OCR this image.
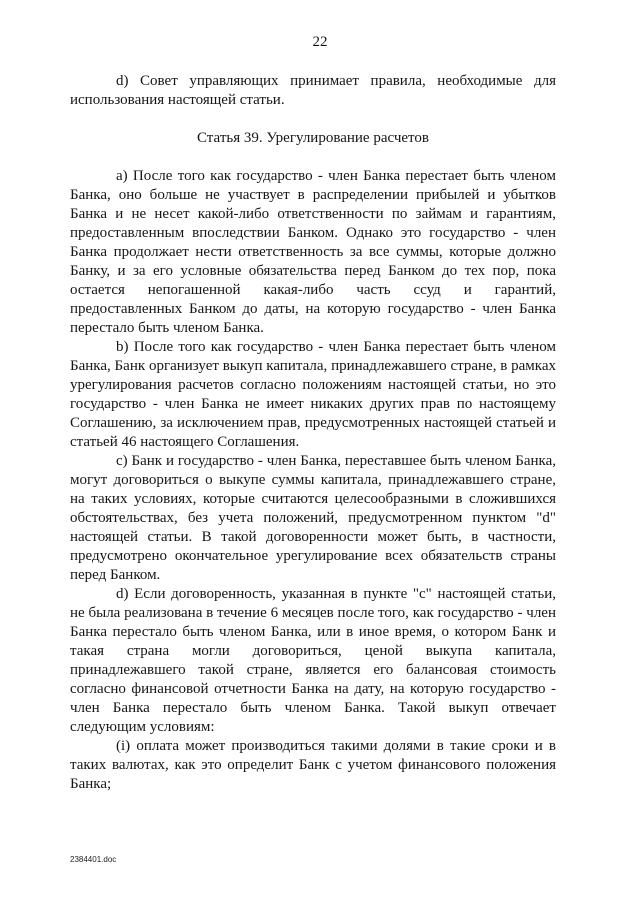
22

d) Совет управляющих принимает правила, необходимые для использования настоящей статьи.

Статья 39. Урегулирование расчетов

a) После того как государство - член Банка перестает быть членом Банка, оно больше не участвует в распределении прибылей и убытков Банка и не несет какой-либо ответственности по займам и гарантиям, предоставленным впоследствии Банком. Однако это государство - член Банка продолжает нести ответственность за все суммы, которые должно Банку, и за его условные обязательства перед Банком до тех пор, пока остается непогашенной какая-либо часть ссуд и гарантий, предоставленных Банком до даты, на которую государство - член Банка перестало быть членом Банка.

b) После того как государство - член Банка перестает быть членом Банка, Банк организует выкуп капитала, принадлежавшего стране, в рамках урегулирования расчетов согласно положениям настоящей статьи, но это государство - член Банка не имеет никаких других прав по настоящему Соглашению, за исключением прав, предусмотренных настоящей статьей и статьей 46 настоящего Соглашения.

c) Банк и государство - член Банка, переставшее быть членом Банка, могут договориться о выкупе суммы капитала, принадлежавшего стране, на таких условиях, которые считаются целесообразными в сложившихся обстоятельствах, без учета положений, предусмотренном пунктом "d" настоящей статьи. В такой договоренности может быть, в частности, предусмотрено окончательное урегулирование всех обязательств страны перед Банком.

d) Если договоренность, указанная в пункте "c" настоящей статьи, не была реализована в течение 6 месяцев после того, как государство - член Банка перестало быть членом Банка, или в иное время, о котором Банк и такая страна могли договориться, ценой выкупа капитала, принадлежавшего такой стране, является его балансовая стоимость согласно финансовой отчетности Банка на дату, на которую государство - член Банка перестало быть членом Банка. Такой выкуп отвечает следующим условиям:

(i) оплата может производиться такими долями в такие сроки и в таких валютах, как это определит Банк с учетом финансового положения Банка;

2384401.doc
